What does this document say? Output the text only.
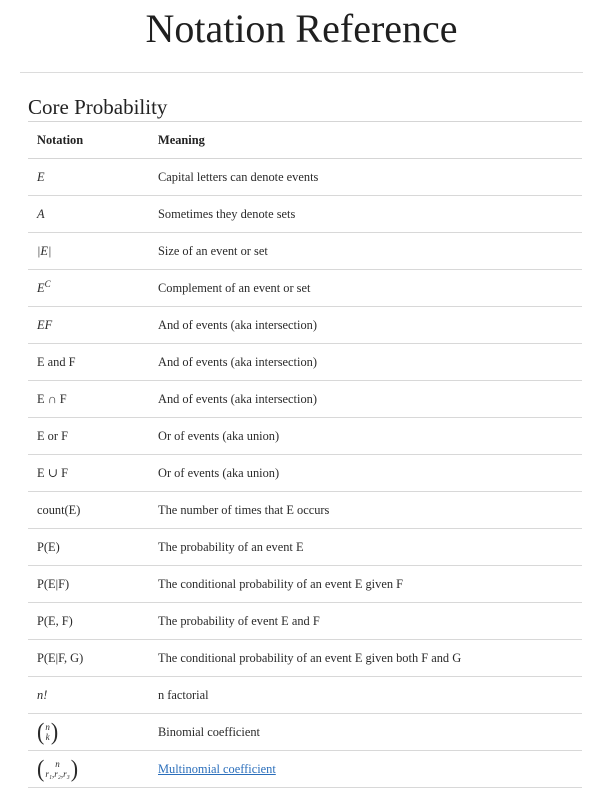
Notation Reference
Core Probability
Notation	Meaning
E	Capital letters can denote events
A	Sometimes they denote sets
|E|	Size of an event or set
$E^C$	Complement of an event or set
EF	And of events (aka intersection)
E and F	And of events (aka intersection)
E ∩ F	And of events (aka intersection)
E or F	Or of events (aka union)
E ∪ F	Or of events (aka union)
count(E)	The number of times that E occurs
P(E)	The probability of an event E
P(E|F)	The conditional probability of an event E given F
P(E, F)	The probability of event E and F
P(E|F, G)	The conditional probability of an event E given both F and G
n!	n factorial

( n
k )	Binomial coefficient

( n
r₁,r₂,r₃ )	Multinomial coefficient
